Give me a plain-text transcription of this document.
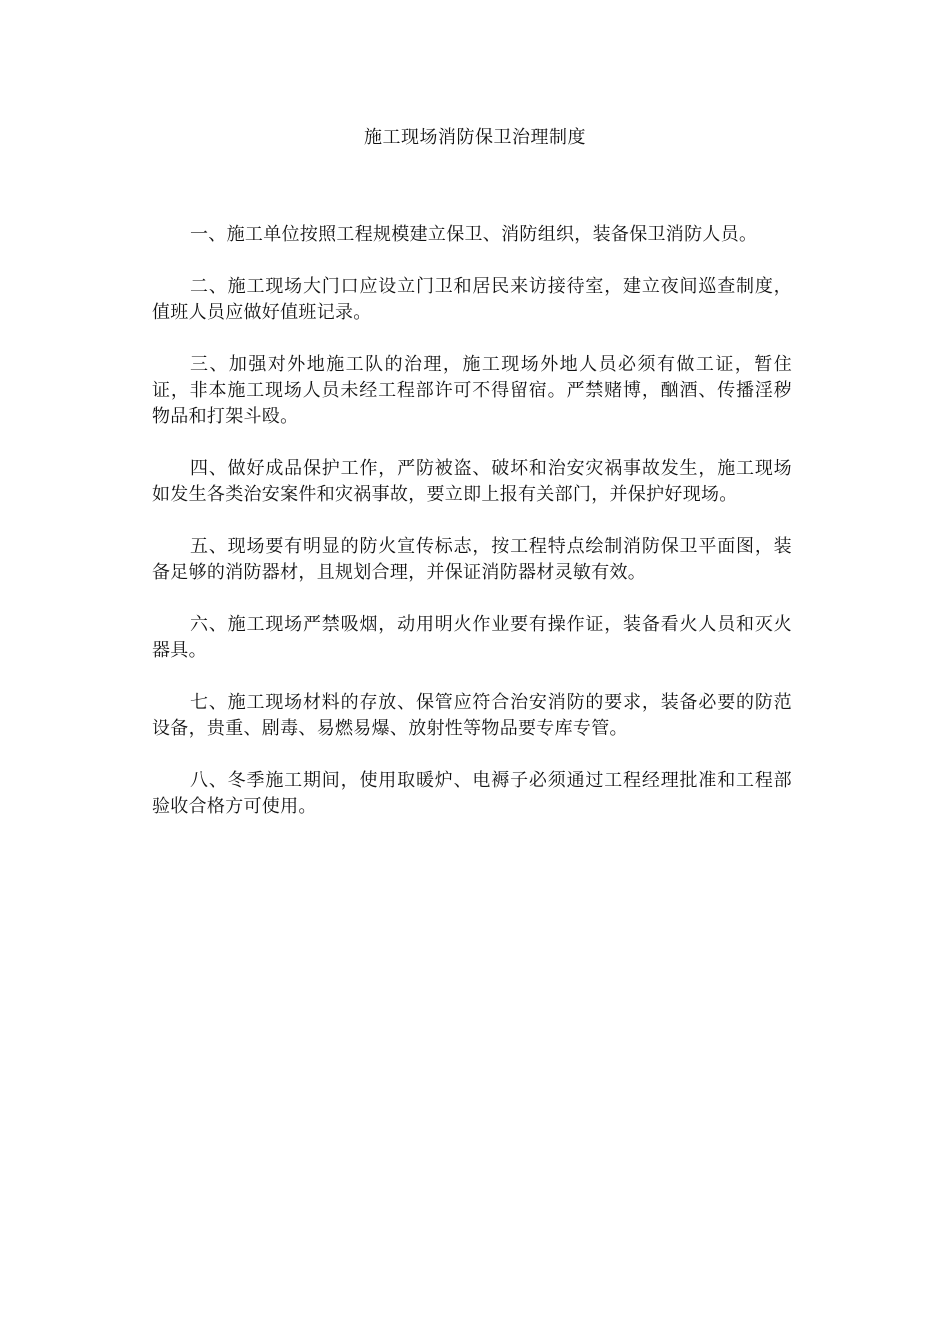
施工现场消防保卫治理制度

一、施工单位按照工程规模建立保卫、消防组织，装备保卫消防人员。

二、施工现场大门口应设立门卫和居民来访接待室，建立夜间巡查制度，值班人员应做好值班记录。

三、加强对外地施工队的治理，施工现场外地人员必须有做工证，暂住证，非本施工现场人员未经工程部许可不得留宿。严禁赌博，酗酒、传播淫秽物品和打架斗殴。

四、做好成品保护工作，严防被盗、破坏和治安灾祸事故发生，施工现场如发生各类治安案件和灾祸事故，要立即上报有关部门，并保护好现场。

五、现场要有明显的防火宣传标志，按工程特点绘制消防保卫平面图，装备足够的消防器材，且规划合理，并保证消防器材灵敏有效。

六、施工现场严禁吸烟，动用明火作业要有操作证，装备看火人员和灭火器具。

七、施工现场材料的存放、保管应符合治安消防的要求，装备必要的防范设备，贵重、剧毒、易燃易爆、放射性等物品要专库专管。

八、冬季施工期间，使用取暖炉、电褥子必须通过工程经理批准和工程部验收合格方可使用。
